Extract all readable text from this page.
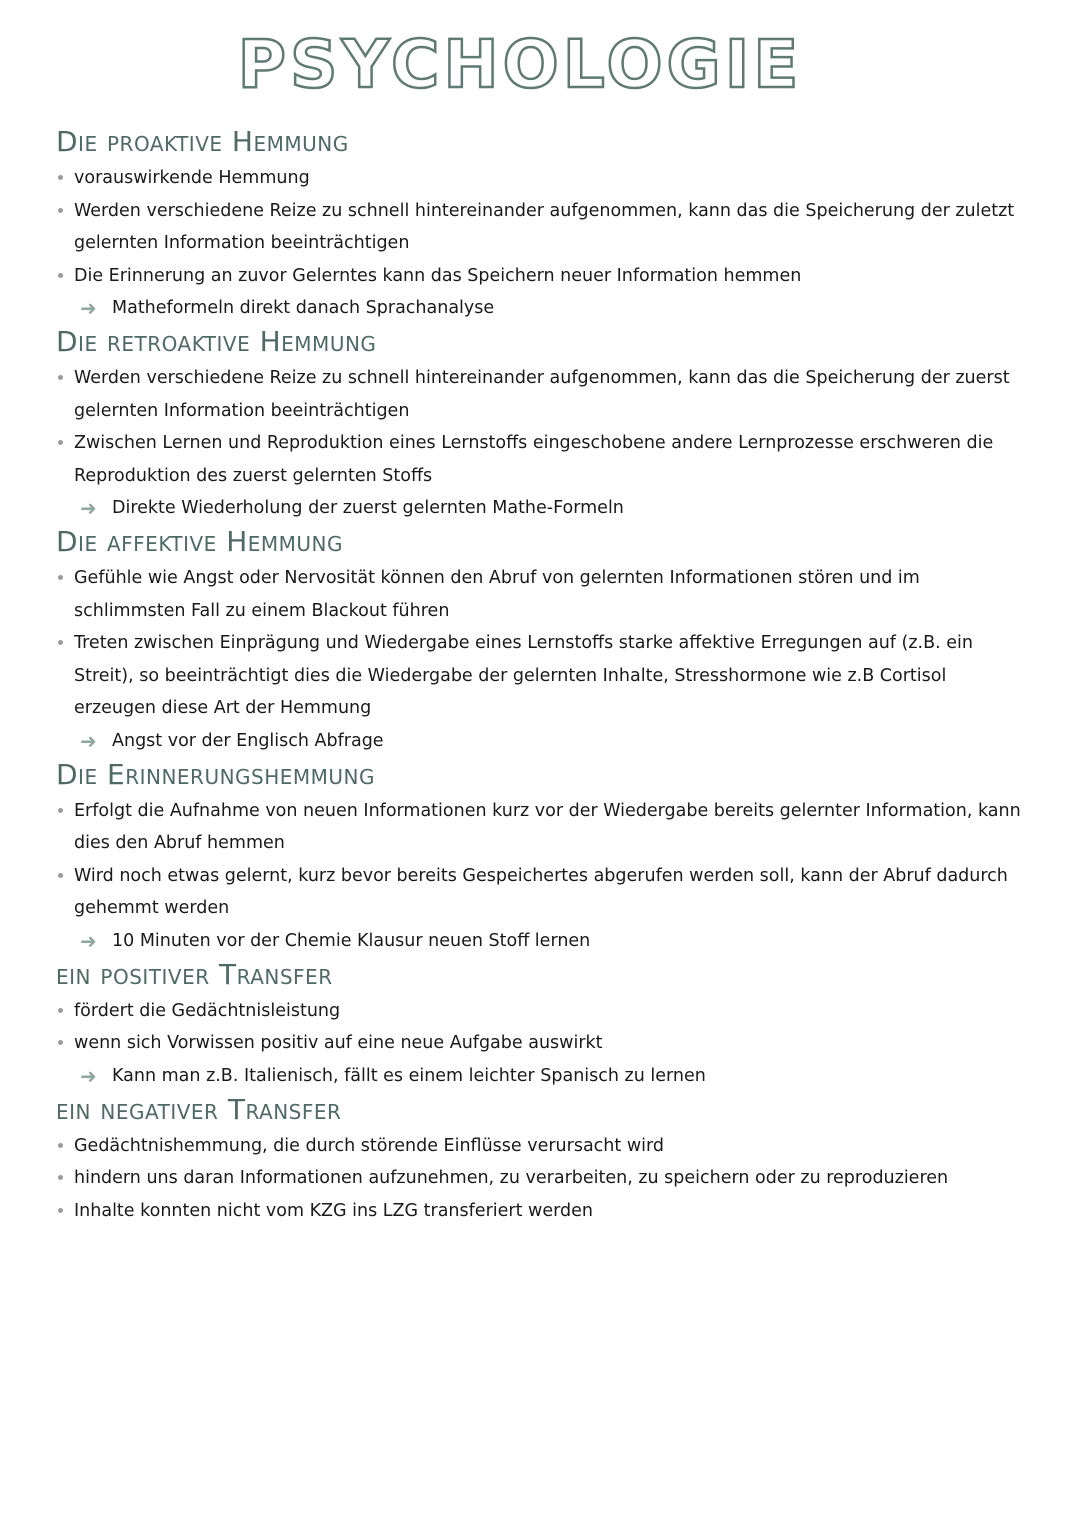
PSYCHOLOGIE
Die proaktive Hemmung
vorauswirkende Hemmung
Werden verschiedene Reize zu schnell hintereinander aufgenommen, kann das die Speicherung der zuletzt gelernten Information beeinträchtigen
Die Erinnerung an zuvor Gelerntes kann das Speichern neuer Information hemmen
➜ Matheformeln direkt danach Sprachanalyse
Die retroaktive Hemmung
Werden verschiedene Reize zu schnell hintereinander aufgenommen, kann das die Speicherung der zuerst gelernten Information beeinträchtigen
Zwischen Lernen und Reproduktion eines Lernstoffs eingeschobene andere Lernprozesse erschweren die Reproduktion des zuerst gelernten Stoffs
➜ Direkte Wiederholung der zuerst gelernten Mathe-Formeln
Die affektive Hemmung
Gefühle wie Angst oder Nervosität können den Abruf von gelernten Informationen stören und im schlimmsten Fall zu einem Blackout führen
Treten zwischen Einprägung und Wiedergabe eines Lernstoffs starke affektive Erregungen auf (z.B. ein Streit), so beeinträchtigt dies die Wiedergabe der gelernten Inhalte, Stresshormone wie z.B Cortisol erzeugen diese Art der Hemmung
➜ Angst vor der Englisch Abfrage
Die Erinnerungshemmung
Erfolgt die Aufnahme von neuen Informationen kurz vor der Wiedergabe bereits gelernter Information, kann dies den Abruf hemmen
Wird noch etwas gelernt, kurz bevor bereits Gespeichertes abgerufen werden soll, kann der Abruf dadurch gehemmt werden
➜ 10 Minuten vor der Chemie Klausur neuen Stoff lernen
ein positiver Transfer
fördert die Gedächtnisleistung
wenn sich Vorwissen positiv auf eine neue Aufgabe auswirkt
➜ Kann man z.B. Italienisch, fällt es einem leichter Spanisch zu lernen
ein negativer Transfer
Gedächtnishemmung, die durch störende Einflüsse verursacht wird
hindern uns daran Informationen aufzunehmen, zu verarbeiten, zu speichern oder zu reproduzieren
Inhalte konnten nicht vom KZG ins LZG transferiert werden
